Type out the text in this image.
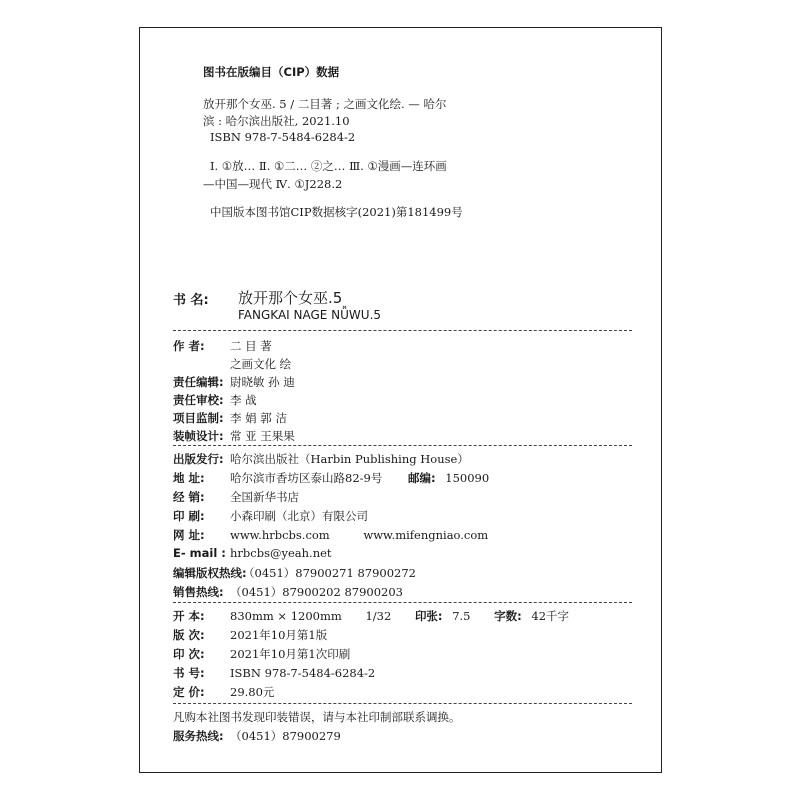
图书在版编目（CIP）数据
放开那个女巫. 5 / 二目著 ; 之画文化绘. — 哈尔
滨 : 哈尔滨出版社, 2021.10
ISBN 978-7-5484-6284-2
Ⅰ. ①放… Ⅱ. ①二… ②之… Ⅲ. ①漫画—连环画
—中国—现代 Ⅳ. ①J228.2
中国版本图书馆CIP数据核字(2021)第181499号
书 名: 放开那个女巫.5
FANGKAI NAGE NǙWU.5
作 者: 二 目 著
之画文化 绘
责任编辑: 尉晓敏 孙 迪
责任审校: 李 战
项目监制: 李 娟 郭 洁
装帧设计: 常 亚 王果果
出版发行: 哈尔滨出版社（Harbin Publishing House）
地 址: 哈尔滨市香坊区泰山路82-9号 邮编: 150090
经 销: 全国新华书店
印 刷: 小森印刷（北京）有限公司
网 址: www.hrbcbs.com	www.mifengniao.com
E- mail : hrbcbs@yeah.net
编辑版权热线:（0451）87900271 87900272
销售热线: （0451）87900202 87900203
开 本: 830mm × 1200mm 1/32 印张: 7.5 字数: 42千字
版 次: 2021年10月第1版
印 次: 2021年10月第1次印刷
书 号: ISBN 978-7-5484-6284-2
定 价: 29.80元
凡购本社图书发现印装错误，请与本社印制部联系调换。
服务热线: （0451）87900279
